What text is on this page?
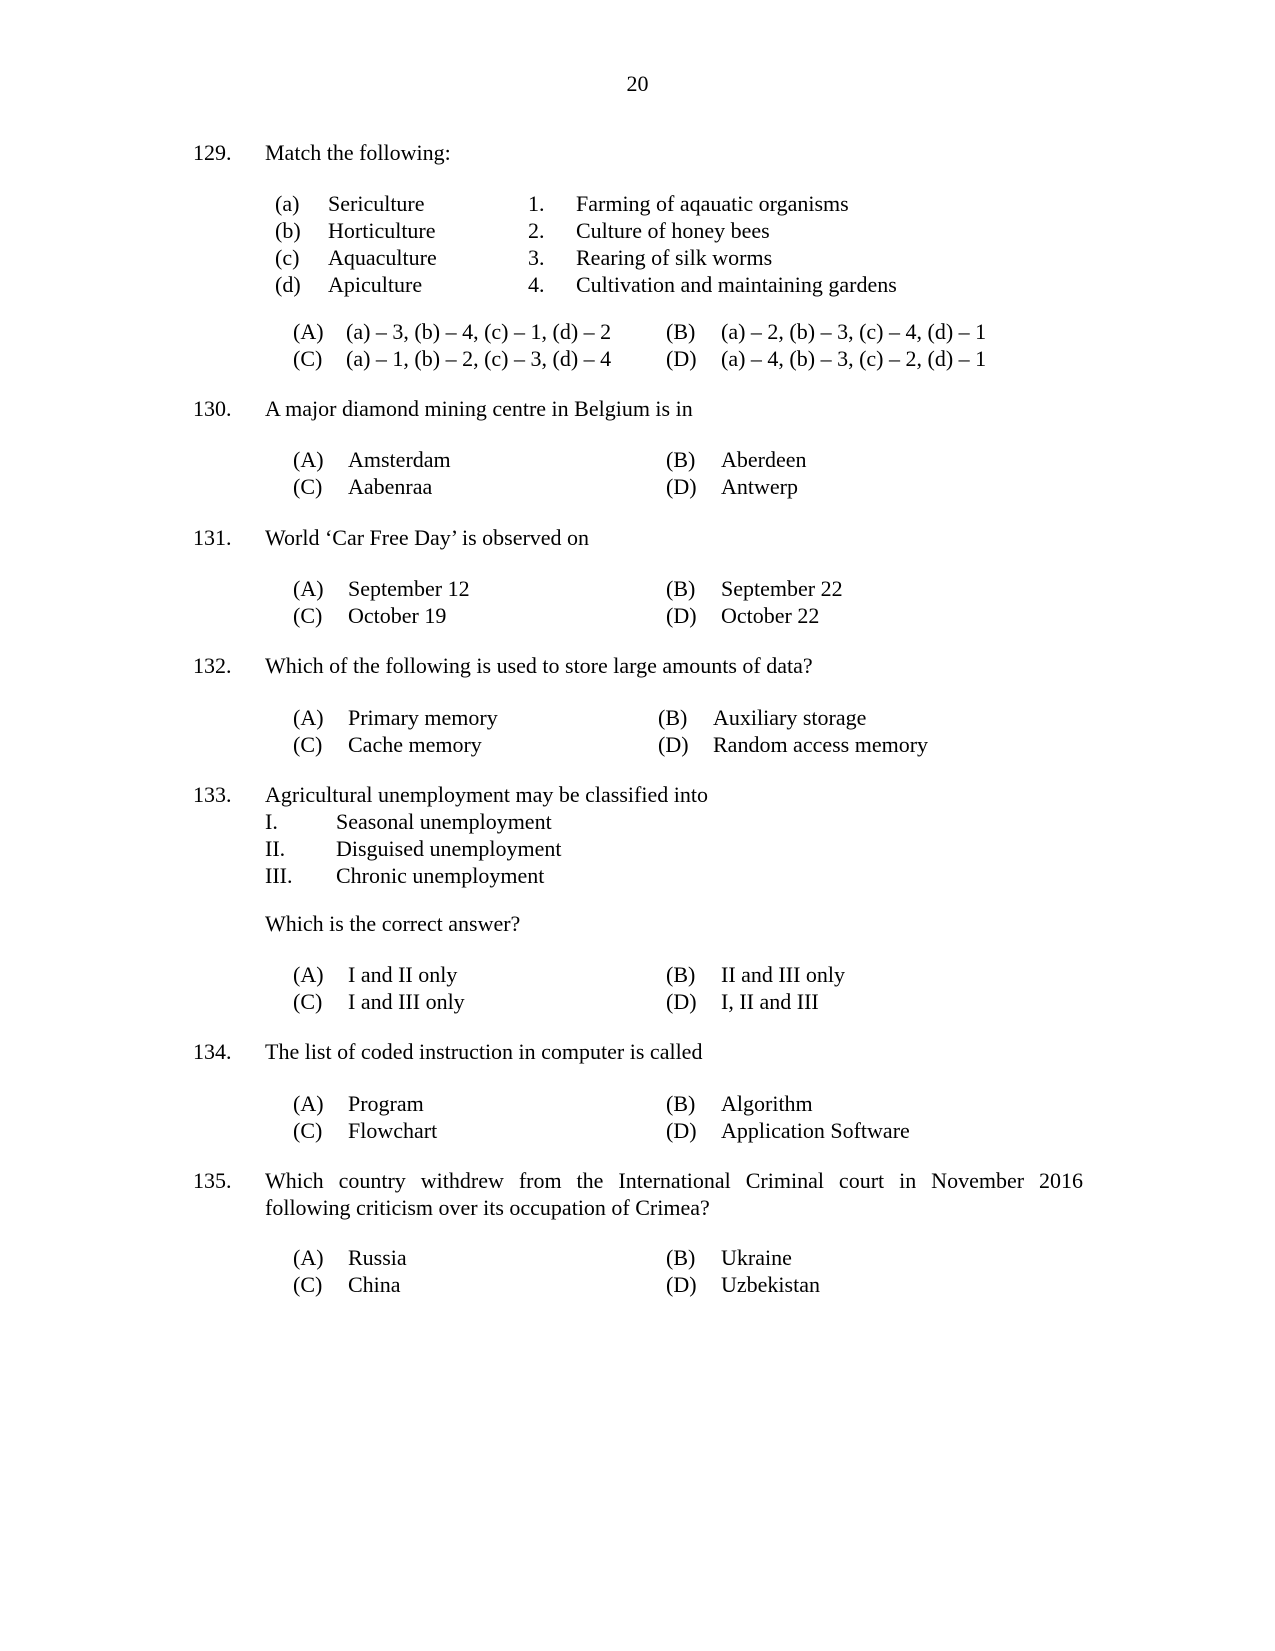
20
129. Match the following:
(a) Sericulture	1. Farming of aqauatic organisms
(b) Horticulture	2. Culture of honey bees
(c) Aquaculture	3. Rearing of silk worms
(d) Apiculture	4. Cultivation and maintaining gardens
(A) (a) – 3, (b) – 4, (c) – 1, (d) – 2 (B) (a) – 2, (b) – 3, (c) – 4, (d) – 1
(C) (a) – 1, (b) – 2, (c) – 3, (d) – 4 (D) (a) – 4, (b) – 3, (c) – 2, (d) – 1
130. A major diamond mining centre in Belgium is in
(A) Amsterdam	(B) Aberdeen
(C) Aabenraa	(D) Antwerp
131. World ‘Car Free Day’ is observed on
(A) September 12	(B) September 22
(C) October 19	(D) October 22
132. Which of the following is used to store large amounts of data?
(A) Primary memory	(B) Auxiliary storage
(C) Cache memory	(D) Random access memory
133. Agricultural unemployment may be classified into
I.	Seasonal unemployment
II. Disguised unemployment
III. Chronic unemployment
Which is the correct answer?
(A) I and II only	(B) II and III only
(C) I and III only	(D) I, II and III
134. The list of coded instruction in computer is called
(A) Program	(B) Algorithm
(C) Flowchart	(D) Application Software
135. Which country withdrew from the International Criminal court in November 2016
following criticism over its occupation of Crimea?
(A) Russia	(B) Ukraine
(C) China	(D) Uzbekistan
